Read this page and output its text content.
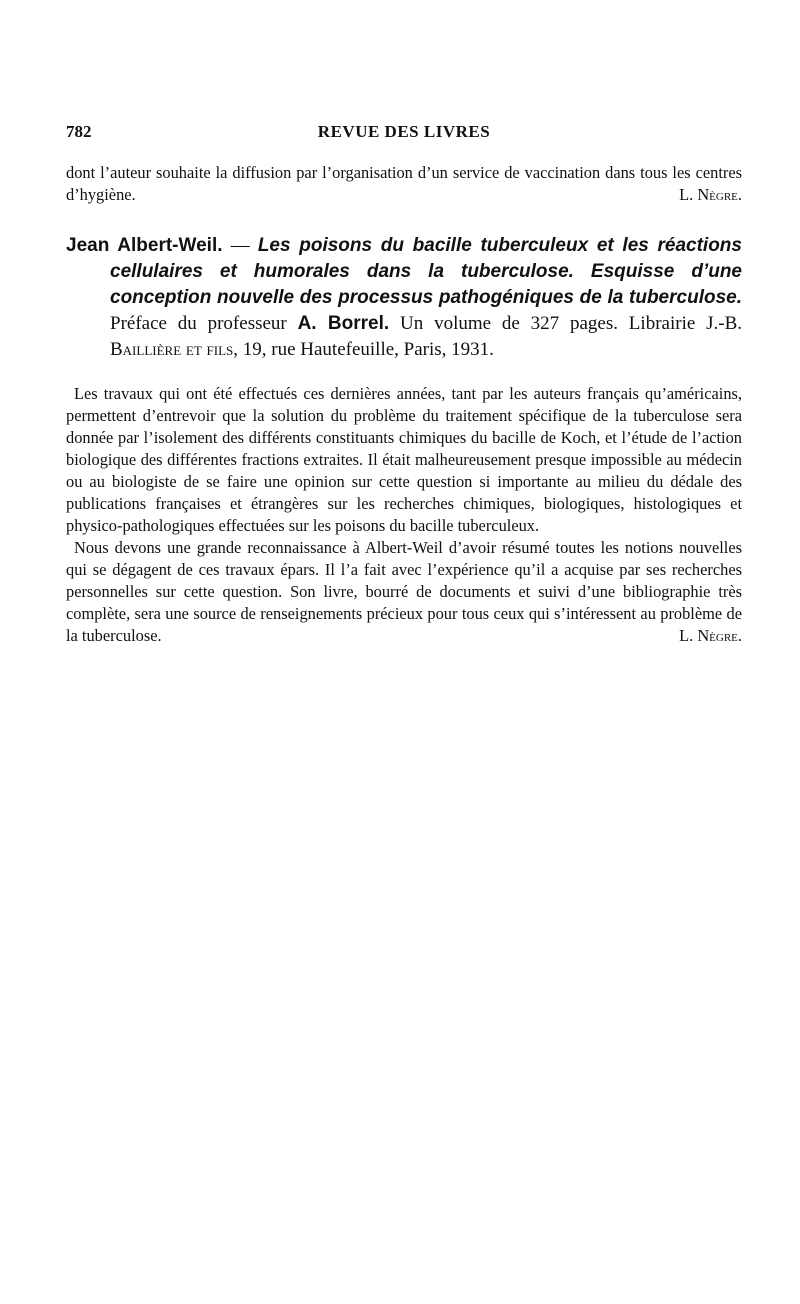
782	REVUE DES LIVRES

dont l’auteur souhaite la diffusion par l’organisation d’un service de vaccination dans tous les centres d’hygiène.	L. Nègre.

Jean Albert-Weil. — Les poisons du bacille tuberculeux et les réactions cellulaires et humorales dans la tuberculose. Esquisse d’une conception nouvelle des processus pathogéniques de la tuberculose. Préface du professeur A. Borrel. Un volume de 327 pages. Librairie J.-B. Baillière et fils, 19, rue Hautefeuille, Paris, 1931.

Les travaux qui ont été effectués ces dernières années, tant par les auteurs français qu’américains, permettent d’entrevoir que la solution du problème du traitement spécifique de la tuberculose sera donnée par l’isolement des différents constituants chimiques du bacille de Koch, et l’étude de l’action biologique des différentes fractions extraites. Il était malheureusement presque impossible au médecin ou au biologiste de se faire une opinion sur cette question si importante au milieu du dédale des publications françaises et étrangères sur les recherches chimiques, biologiques, histologiques et physico-pathologiques effectuées sur les poisons du bacille tuberculeux.

Nous devons une grande reconnaissance à Albert-Weil d’avoir résumé toutes les notions nouvelles qui se dégagent de ces travaux épars. Il l’a fait avec l’expérience qu’il a acquise par ses recherches personnelles sur cette question. Son livre, bourré de documents et suivi d’une bibliographie très complète, sera une source de renseignements précieux pour tous ceux qui s’intéressent au problème de la tuberculose.	L. Nègre.
